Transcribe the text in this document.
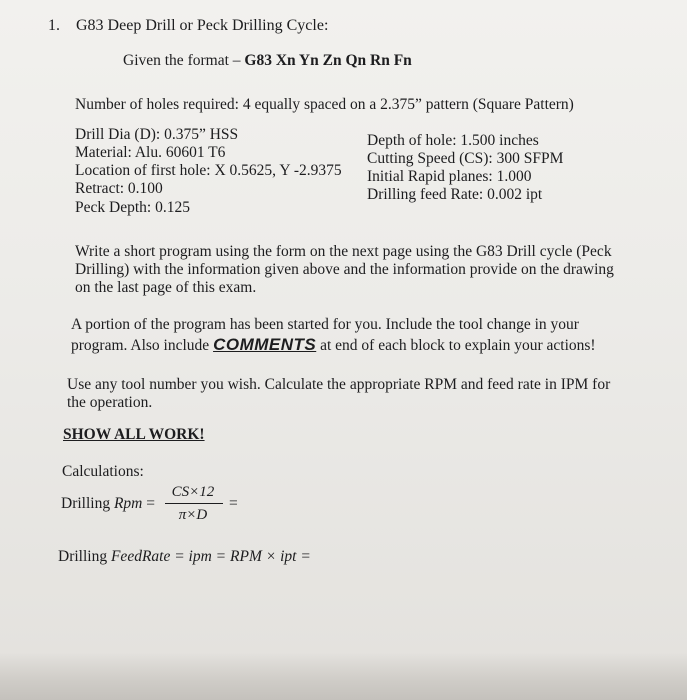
1. G83 Deep Drill or Peck Drilling Cycle:
Given the format – G83 Xn Yn Zn Qn Rn Fn
Number of holes required: 4 equally spaced on a 2.375” pattern (Square Pattern)
Drill Dia (D): 0.375” HSS
Material: Alu. 60601 T6
Location of first hole: X 0.5625, Y -2.9375
Retract: 0.100
Peck Depth: 0.125
Depth of hole: 1.500 inches
Cutting Speed (CS): 300 SFPM
Initial Rapid planes: 1.000
Drilling feed Rate: 0.002 ipt
Write a short program using the form on the next page using the G83 Drill cycle (Peck
Drilling) with the information given above and the information provide on the drawing
on the last page of this exam.
A portion of the program has been started for you. Include the tool change in your
program. Also include COMMENTS at end of each block to explain your actions!
Use any tool number you wish. Calculate the appropriate RPM and feed rate in IPM for
the operation.
SHOW ALL WORK!
Calculations:
Drilling Rpm =
CS×12
π×D
=
Drilling FeedRate = ipm = RPM × ipt =
